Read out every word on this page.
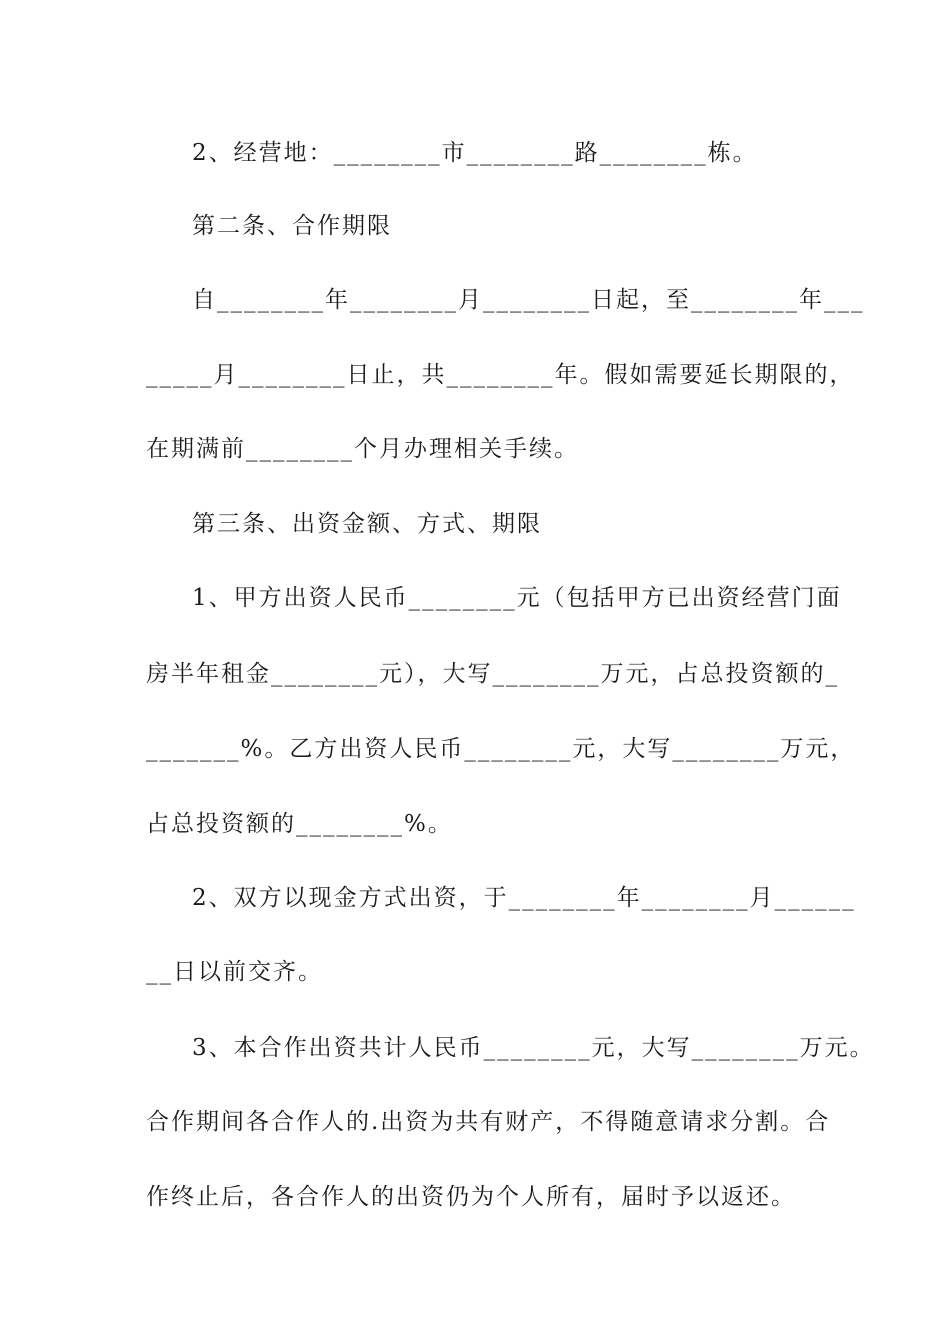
2、经营地：________市________路________栋。
第二条、合作期限
自________年________月________日起，至________年___
_____月________日止，共________年。假如需要延长期限的，
在期满前________个月办理相关手续。
第三条、出资金额、方式、期限
1、甲方出资人民币________元（包括甲方已出资经营门面
房半年租金________元），大写________万元，占总投资额的_
_______%。乙方出资人民币________元，大写________万元，
占总投资额的________%。
2、双方以现金方式出资，于________年________月______
__日以前交齐。
3、本合作出资共计人民币________元，大写________万元。
合作期间各合作人的.出资为共有财产，不得随意请求分割。合
作终止后，各合作人的出资仍为个人所有，届时予以返还。
